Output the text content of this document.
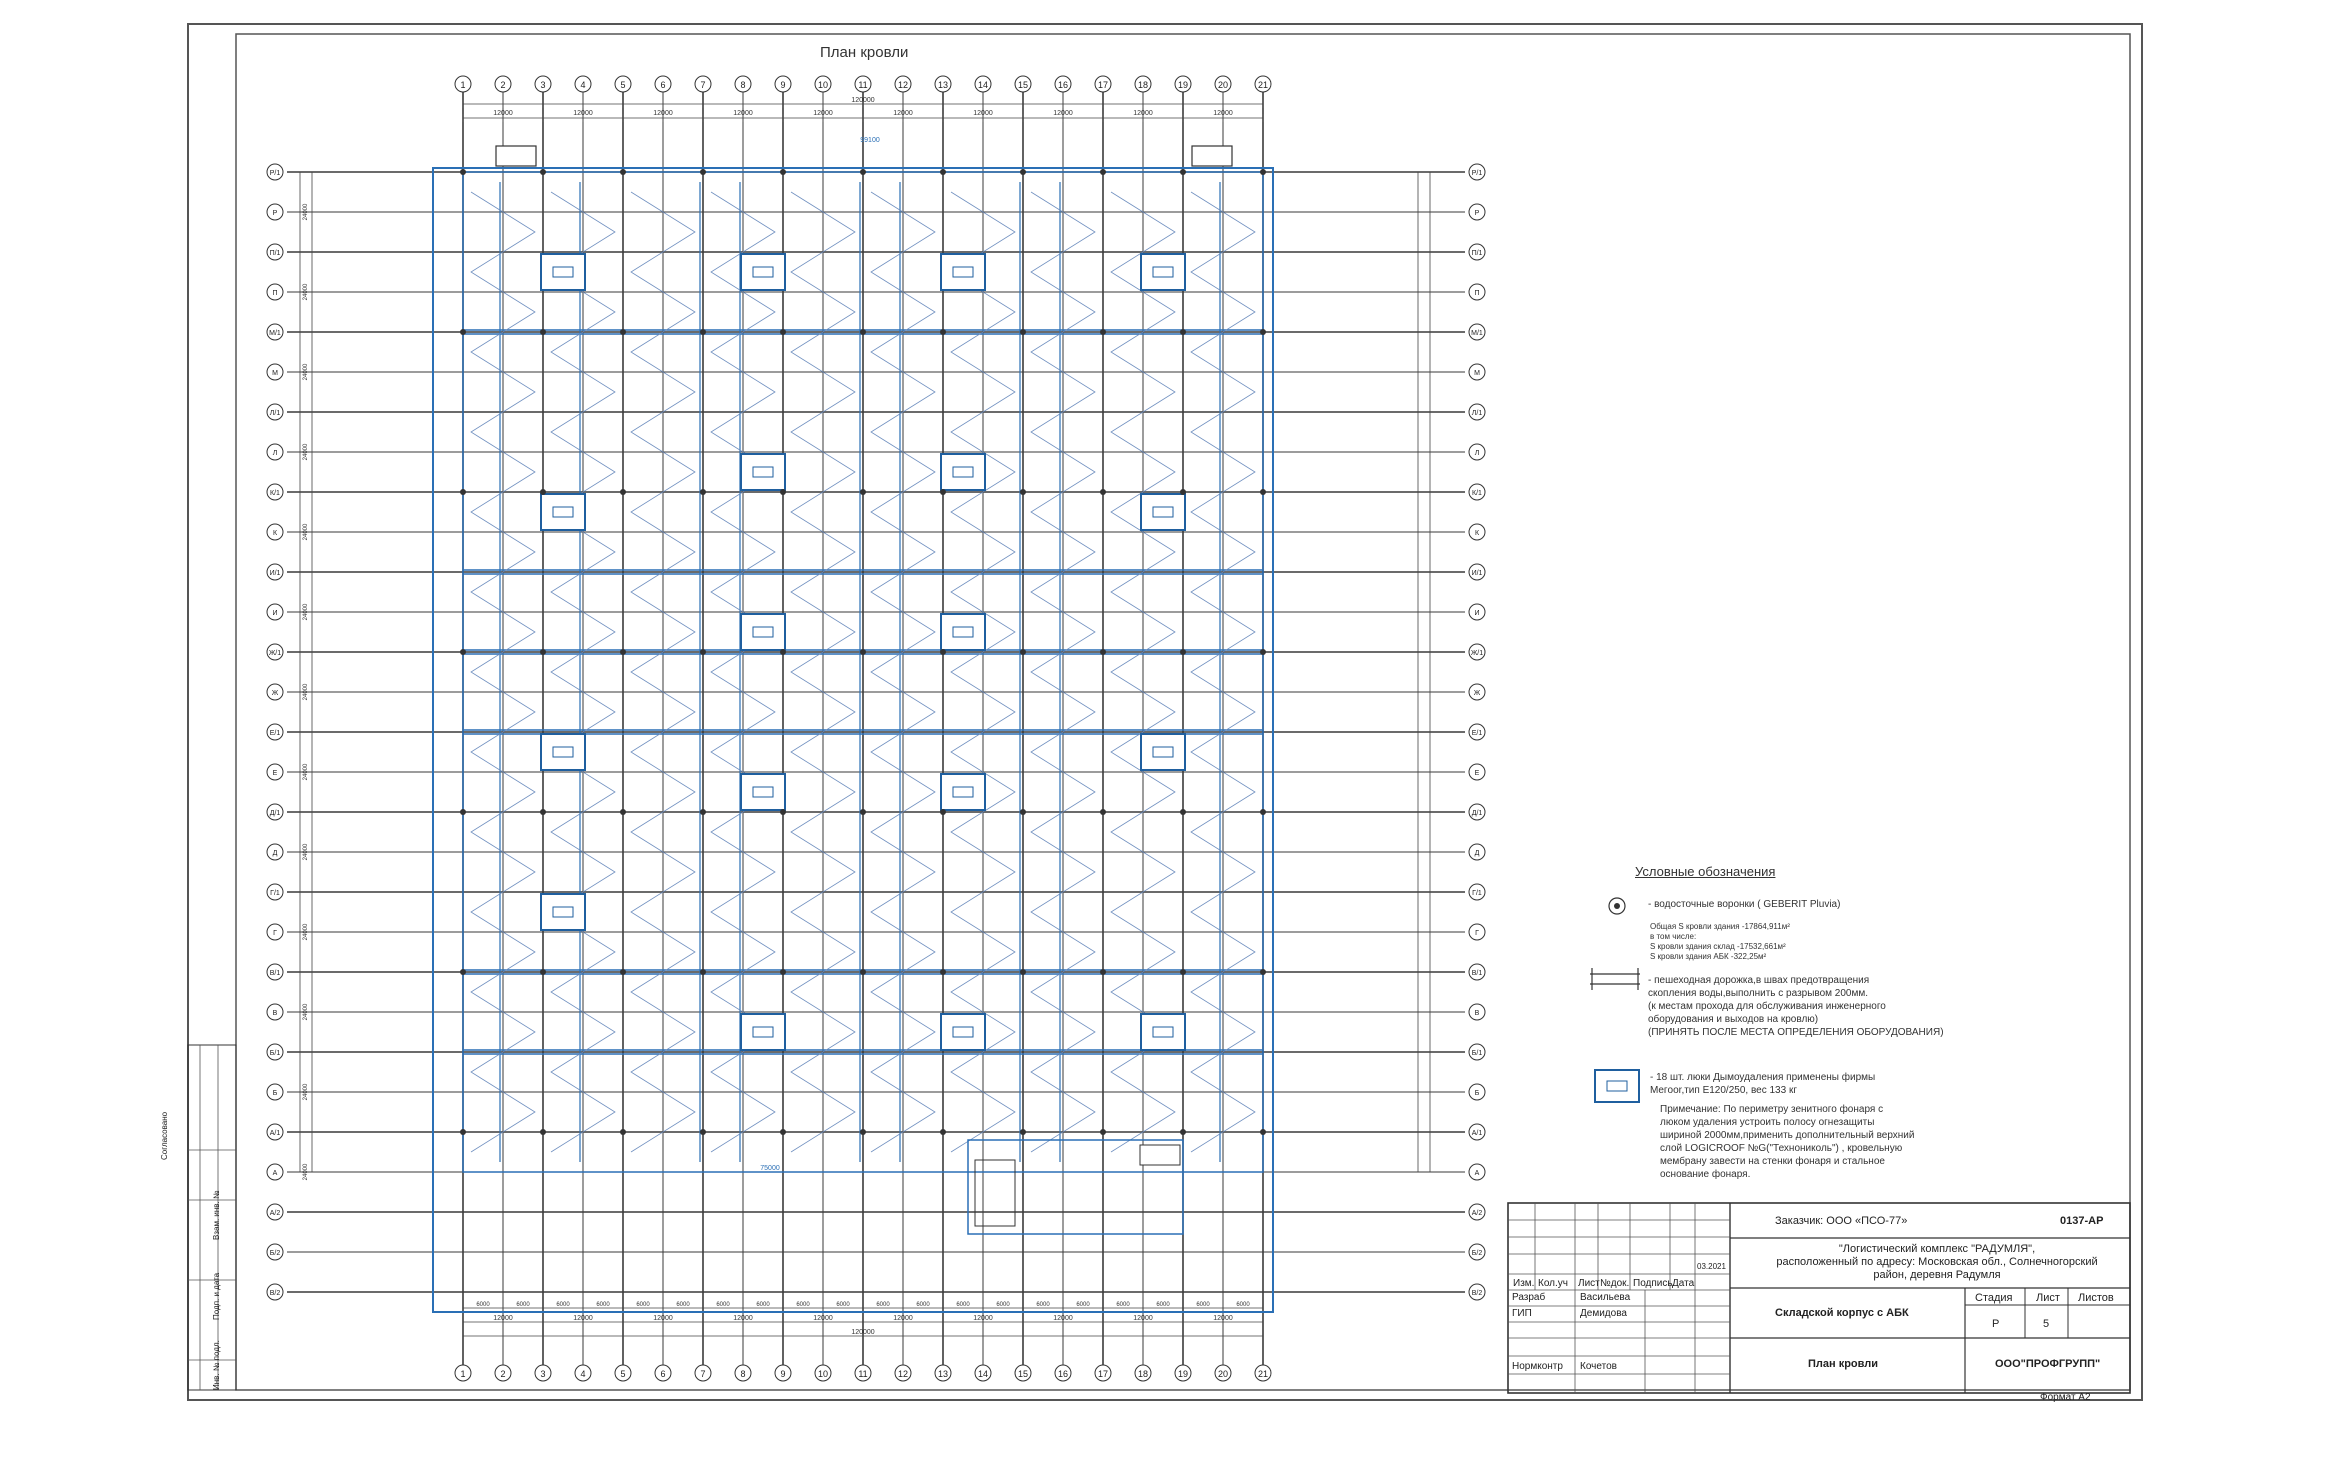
1
1
2
2
3
3
4
4
5
5
6
6
7
7
8
8
9
9
10
10
11
11
12
12
13
13
14
14
15
15
16
16
17
17
18
18
19
19
20
20
21
21
Р/1	Р/1
Р	Р
П/1	П/1
П	П
М/1	М/1
М	М
Л/1	Л/1
Л	Л
К/1	К/1
К	К
И/1	И/1
И	И
Ж/1	Ж/1
Ж	Ж
Е/1	Е/1
Е	Е
Д/1	Д/1
Д	Д
Г/1	Г/1
Г	Г
В/1	В/1
В	В
Б/1	Б/1
Б	Б
А/1	А/1
А	А
А/2	А/2
Б/2	Б/2
В/2	В/2
12000	12000	12000	12000	12000	12000	12000	12000	12000	12000
120000
6000	6000	6000	6000	6000	6000	6000	6000	6000	6000	6000	6000	6000	6000	6000	6000	6000	6000	6000	6000
12000	12000	12000	12000	12000	12000	12000	12000	12000	12000
120000
24000
24000
24000
24000
24000
24000
24000
24000
24000
24000
24000
24000
24000
99100
75000
План кровли
Условные обозначения
- водосточные воронки ( GEBERIT Pluvia)
Общая S кровли здания -17864,911м²
в том числе:
S кровли здания склад -17532,661м²
S кровли здания АБК -322,25м²
- пешеходная дорожка,в швах предотвращения
скопления воды,выполнить с разрывом 200мм.
(к местам прохода для обслуживания инженерного
оборудования и выходов на кровлю)
(ПРИНЯТЬ ПОСЛЕ МЕСТА ОПРЕДЕЛЕНИЯ ОБОРУДОВАНИЯ)
- 18 шт. люки Дымоудаления применены фирмы
Meгoor,тип Е120/250, вес 133 кг
Примечание: По периметру зенитного фонаря с
люком удаления устроить полосу огнезащиты
шириной 2000мм,применить дополнительный верхний
слой LOGICROOF №G("Технониколь") , кровельную
мембрану завести на стенки фонаря и стальное
основание фонаря.
Заказчик: ООО «ПСО-77»	0137-АР
"Логистический комплекс "РАДУМЛЯ",
расположенный по адресу: Московская обл., Солнечногорский
район, деревня Радумля
Складской корпус с АБК
План кровли	ООО"ПРОФГРУПП"
Стадия Лист Листов
Р	5
Изм. Кол.уч Лист №док. Подпись Дата
03.2021
Разраб	Васильева
ГИП	Демидова
Нормконтр Кочетов
Формат А2
Согласовано
Взам. инв. №
Подп. и дата
Инв. № подл.
